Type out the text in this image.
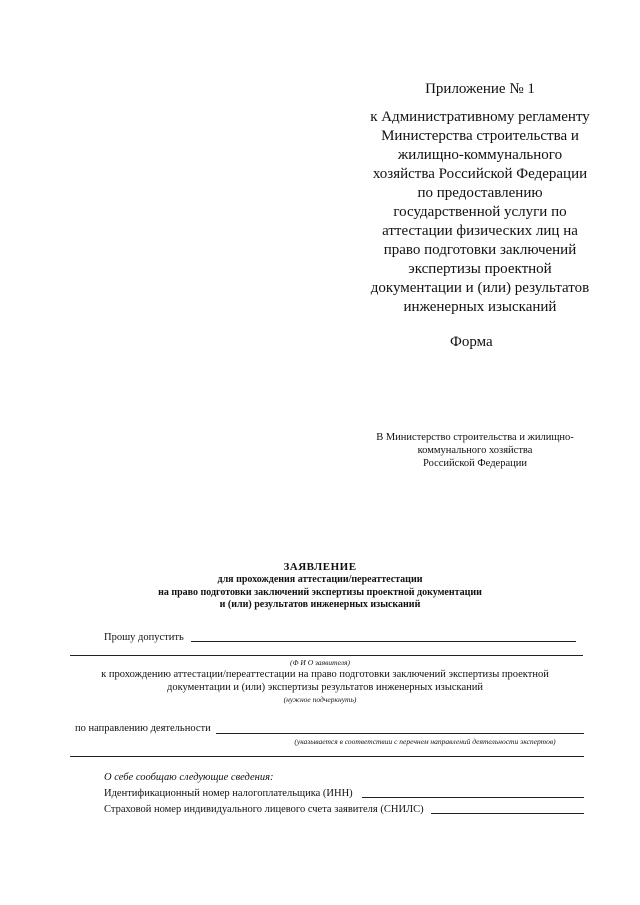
Приложение № 1
к Административному регламенту
Министерства строительства и
жилищно-коммунального
хозяйства Российской Федерации
по предоставлению
государственной услуги по
аттестации физических лиц на
право подготовки заключений
экспертизы проектной
документации и (или) результатов
инженерных изысканий
Форма
В Министерство строительства и жилищно-
коммунального хозяйства
Российской Федерации
ЗАЯВЛЕНИЕ
для прохождения аттестации/переаттестации
на право подготовки заключений экспертизы проектной документации
и (или) результатов инженерных изысканий
Прошу допустить
(Ф И О заявителя)
к прохождению аттестации/переаттестации на право подготовки заключений экспертизы проектной
документации и (или) экспертизы результатов инженерных изысканий
(нужное подчеркнуть)
по направлению деятельности
(указывается в соответствии с перечнем направлений деятельности экспертов)
О себе сообщаю следующие сведения:
Идентификационный номер налогоплательщика (ИНН)
Страховой номер индивидуального лицевого счета заявителя (СНИЛС)
